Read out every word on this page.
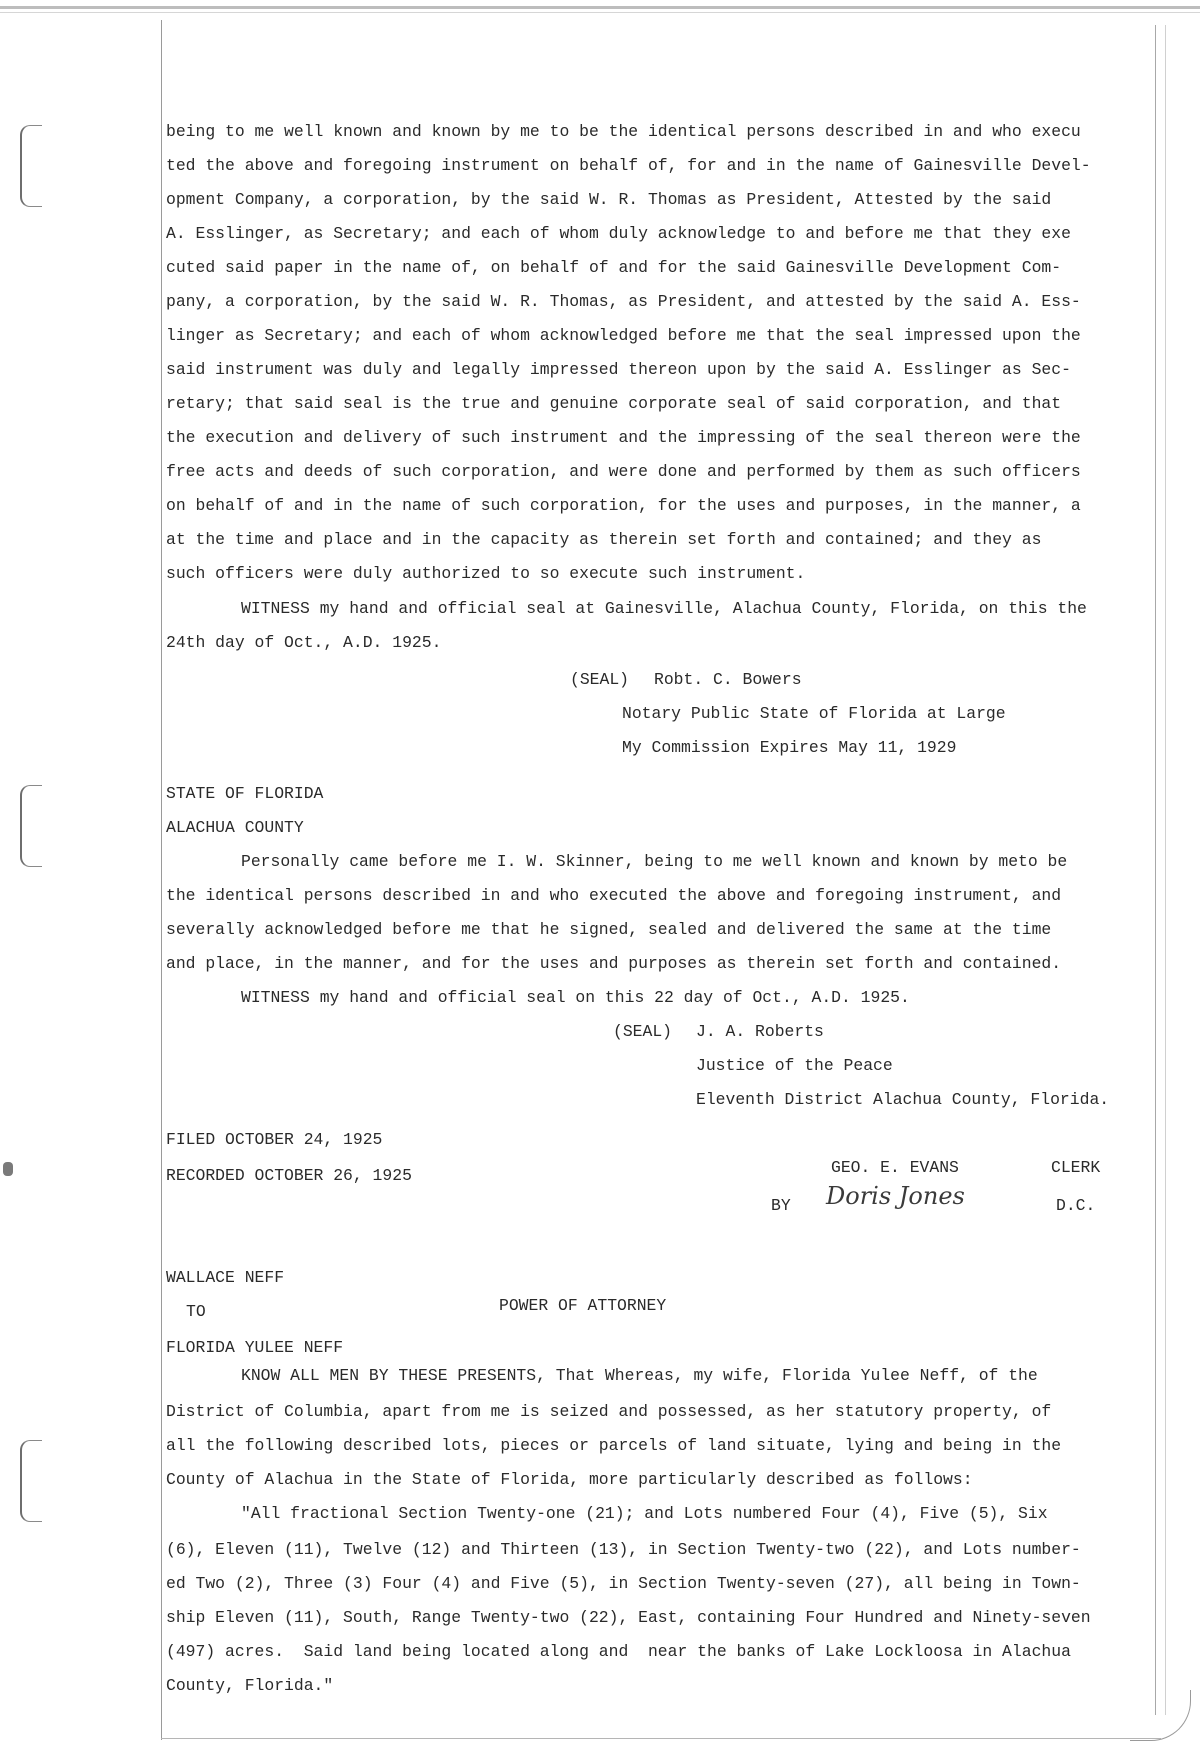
being to me well known and known by me to be the identical persons described in and who execu
ted the above and foregoing instrument on behalf of, for and in the name of Gainesville Devel-
opment Company, a corporation, by the said W. R. Thomas as President, Attested by the said
A. Esslinger, as Secretary; and each of whom duly acknowledge to and before me that they exe
cuted said paper in the name of, on behalf of and for the said Gainesville Development Com-
pany, a corporation, by the said W. R. Thomas, as President, and attested by the said A. Ess-
linger as Secretary; and each of whom acknowledged before me that the seal impressed upon the
said instrument was duly and legally impressed thereon upon by the said A. Esslinger as Sec-
retary; that said seal is the true and genuine corporate seal of said corporation, and that
the execution and delivery of such instrument and the impressing of the seal thereon were the
free acts and deeds of such corporation, and were done and performed by them as such officers
on behalf of and in the name of such corporation, for the uses and purposes, in the manner, a
at the time and place and in the capacity as therein set forth and contained; and they as
such officers were duly authorized to so execute such instrument.
WITNESS my hand and official seal at Gainesville, Alachua County, Florida, on this the
24th day of Oct., A.D. 1925.
(SEAL) Robt. C. Bowers
Notary Public State of Florida at Large
My Commission Expires May 11, 1929
STATE OF FLORIDA
ALACHUA COUNTY
Personally came before me I. W. Skinner, being to me well known and known by meto be
the identical persons described in and who executed the above and foregoing instrument, and
severally acknowledged before me that he signed, sealed and delivered the same at the time
and place, in the manner, and for the uses and purposes as therein set forth and contained.
WITNESS my hand and official seal on this 22 day of Oct., A.D. 1925.
(SEAL) J. A. Roberts
Justice of the Peace
Eleventh District Alachua County, Florida.
FILED OCTOBER 24, 1925
RECORDED OCTOBER 26, 1925	GEO. E. EVANS	CLERK
BY Doris Jones	D.C.
WALLACE NEFF
TO	POWER OF ATTORNEY
FLORIDA YULEE NEFF
KNOW ALL MEN BY THESE PRESENTS, That Whereas, my wife, Florida Yulee Neff, of the
District of Columbia, apart from me is seized and possessed, as her statutory property, of
all the following described lots, pieces or parcels of land situate, lying and being in the
County of Alachua in the State of Florida, more particularly described as follows:
"All fractional Section Twenty-one (21); and Lots numbered Four (4), Five (5), Six
(6), Eleven (11), Twelve (12) and Thirteen (13), in Section Twenty-two (22), and Lots number-
ed Two (2), Three (3) Four (4) and Five (5), in Section Twenty-seven (27), all being in Town-
ship Eleven (11), South, Range Twenty-two (22), East, containing Four Hundred and Ninety-seven
(497) acres.  Said land being located along and  near the banks of Lake Lockloosa in Alachua
County, Florida."
